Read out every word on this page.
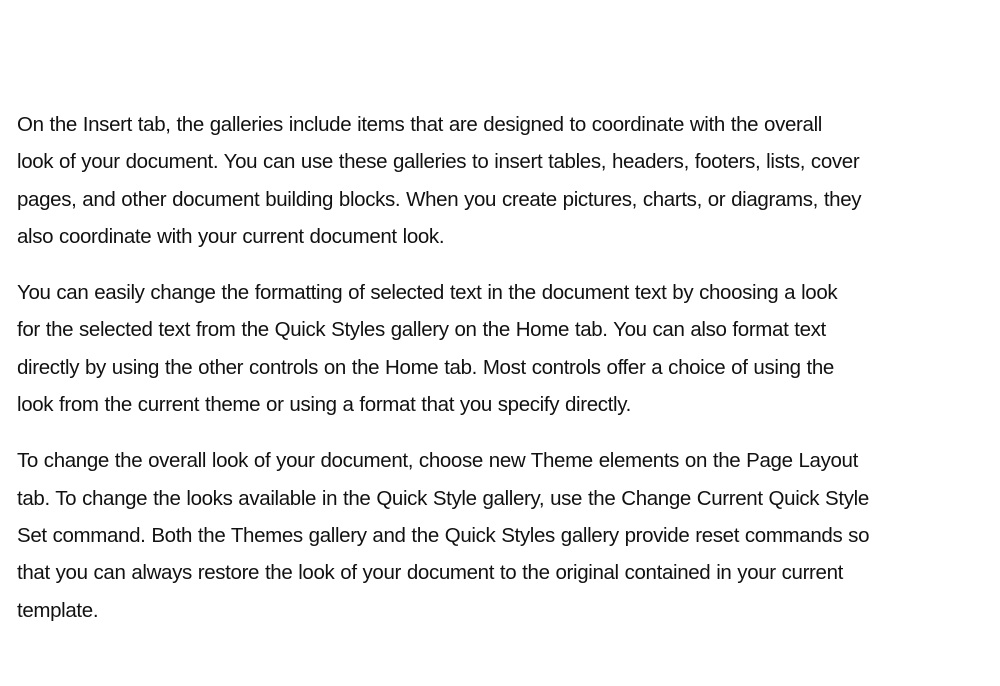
On the Insert tab, the galleries include items that are designed to coordinate with the overall
look of your document. You can use these galleries to insert tables, headers, footers, lists, cover
pages, and other document building blocks. When you create pictures, charts, or diagrams, they
also coordinate with your current document look.

You can easily change the formatting of selected text in the document text by choosing a look
for the selected text from the Quick Styles gallery on the Home tab. You can also format text
directly by using the other controls on the Home tab. Most controls offer a choice of using the
look from the current theme or using a format that you specify directly.

To change the overall look of your document, choose new Theme elements on the Page Layout
tab. To change the looks available in the Quick Style gallery, use the Change Current Quick Style
Set command. Both the Themes gallery and the Quick Styles gallery provide reset commands so
that you can always restore the look of your document to the original contained in your current
template.
